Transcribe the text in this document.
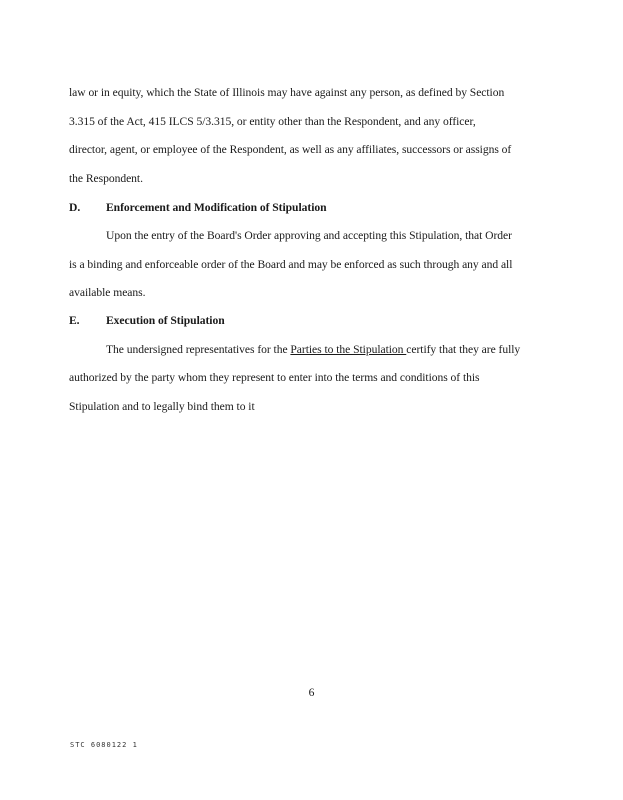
law or in equity, which the State of Illinois may have against any person, as defined by Section
3.315 of the Act, 415 ILCS 5/3.315, or entity other than the Respondent, and any officer,
director, agent, or employee of the Respondent, as well as any affiliates, successors or assigns of
the Respondent.
D. Enforcement and Modification of Stipulation
Upon the entry of the Board's Order approving and accepting this Stipulation, that Order
is a binding and enforceable order of the Board and may be enforced as such through any and all
available means.
E. Execution of Stipulation
The undersigned representatives for the Parties to the Stipulation certify that they are fully
authorized by the party whom they represent to enter into the terms and conditions of this
Stipulation and to legally bind them to it
6
STC 6080122 1
